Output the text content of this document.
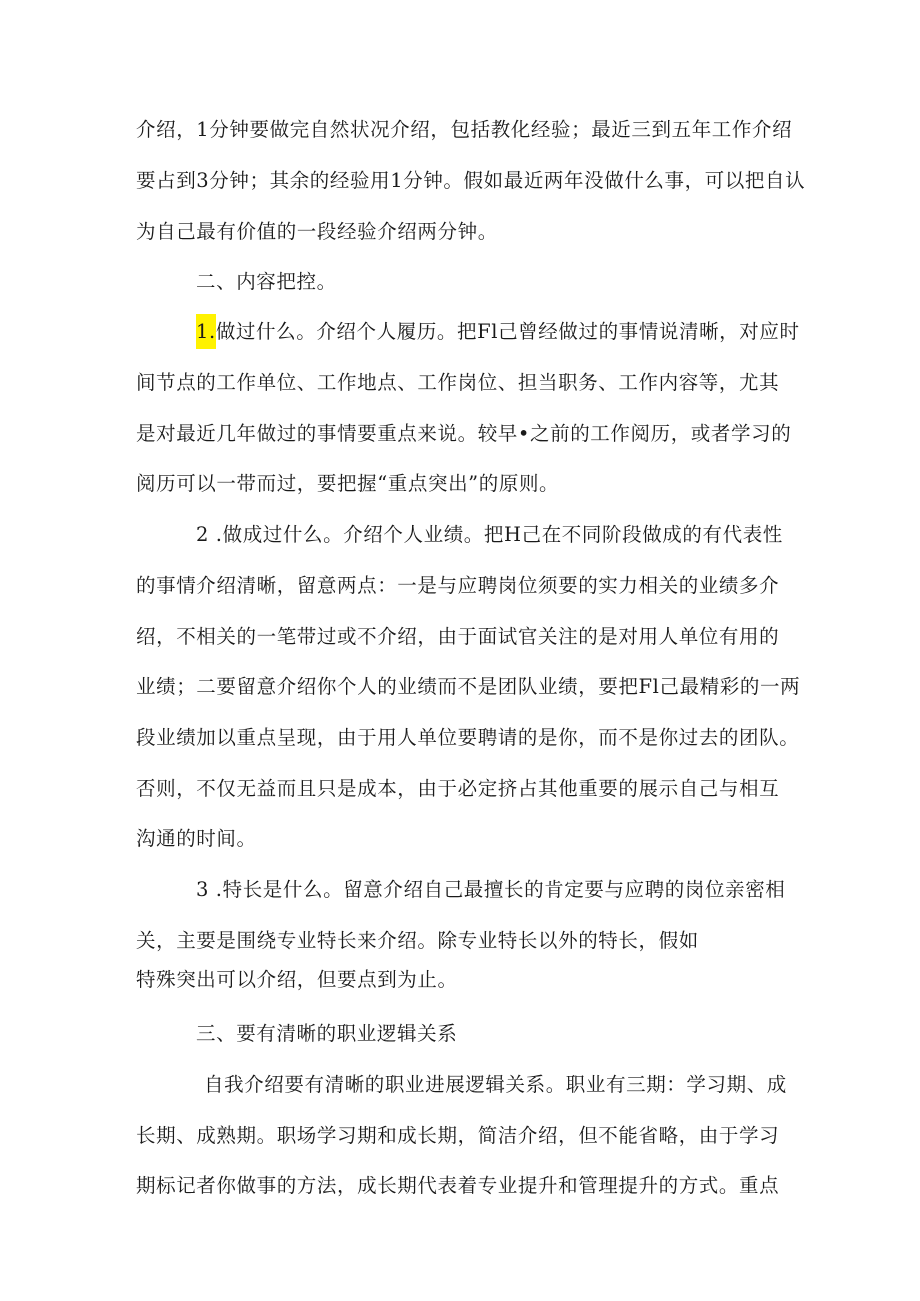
介绍，1分钟要做完自然状况介绍，包括教化经验；最近三到五年工作介绍
要占到3分钟；其余的经验用1分钟。假如最近两年没做什么事，可以把自认
为自己最有价值的一段经验介绍两分钟。
二、内容把控。
1.做过什么。介绍个人履历。把Fl己曾经做过的事情说清晰，对应时
间节点的工作单位、工作地点、工作岗位、担当职务、工作内容等，尤其
是对最近几年做过的事情要重点来说。较早•之前的工作阅历，或者学习的
阅历可以一带而过，要把握“重点突出”的原则。
2 .做成过什么。介绍个人业绩。把H己在不同阶段做成的有代表性
的事情介绍清晰，留意两点：一是与应聘岗位须要的实力相关的业绩多介
绍，不相关的一笔带过或不介绍，由于面试官关注的是对用人单位有用的
业绩；二要留意介绍你个人的业绩而不是团队业绩，要把Fl己最精彩的一两
段业绩加以重点呈现，由于用人单位要聘请的是你，而不是你过去的团队。
否则，不仅无益而且只是成本，由于必定挤占其他重要的展示自己与相互
沟通的时间。
3 .特长是什么。留意介绍自己最擅长的肯定要与应聘的岗位亲密相
关，主要是围绕专业特长来介绍。除专业特长以外的特长，假如
特殊突出可以介绍，但要点到为止。
三、要有清晰的职业逻辑关系
自我介绍要有清晰的职业进展逻辑关系。职业有三期：学习期、成
长期、成熟期。职场学习期和成长期，简洁介绍，但不能省略，由于学习
期标记者你做事的方法，成长期代表着专业提升和管理提升的方式。重点
